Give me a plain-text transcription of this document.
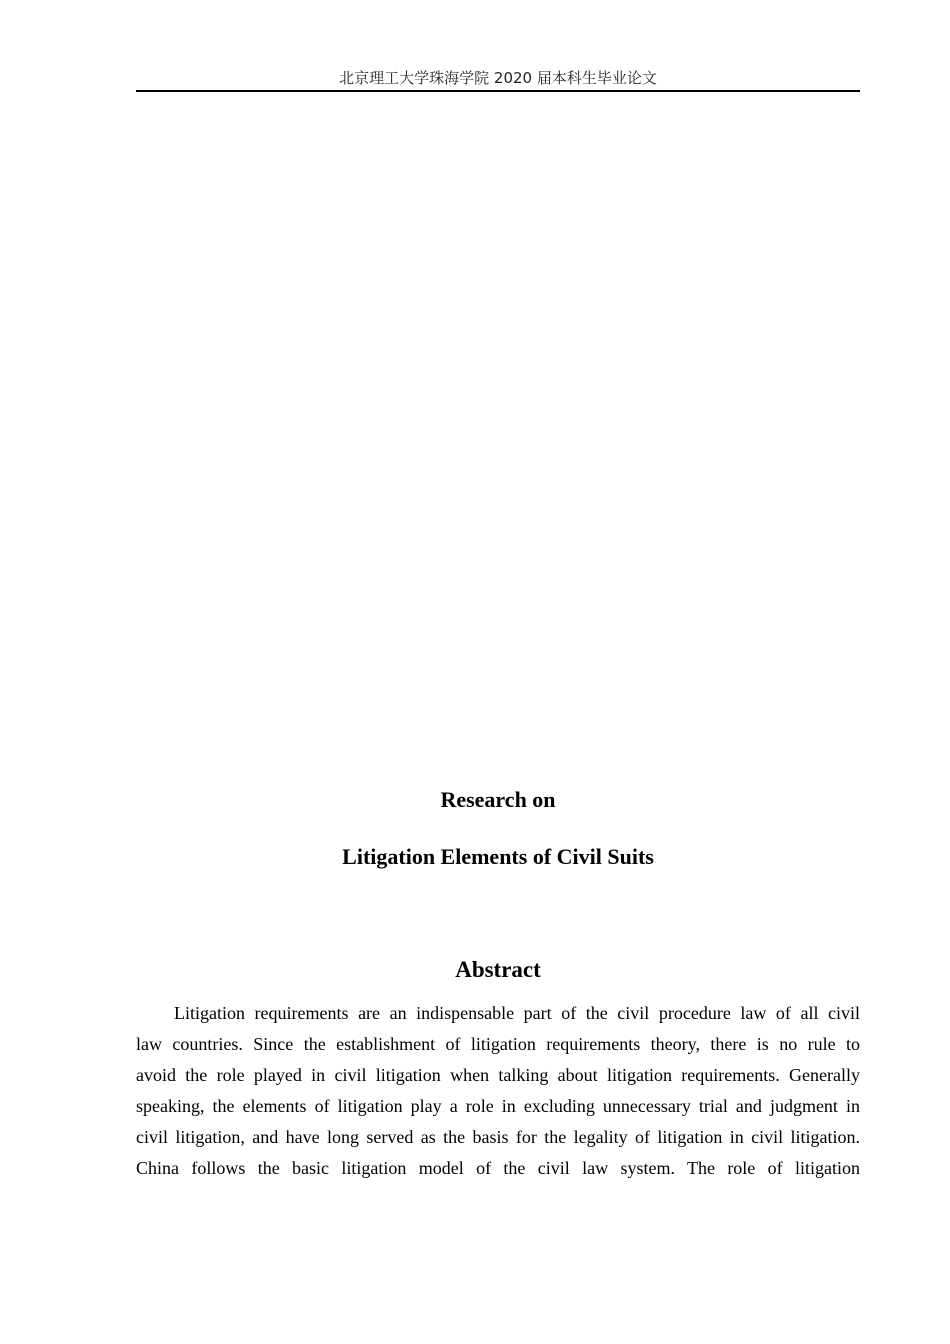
北京理工大学珠海学院 2020 届本科生毕业论文
Research on
Litigation Elements of Civil Suits
Abstract
Litigation requirements are an indispensable part of the civil procedure law of all civil
law countries. Since the establishment of litigation requirements theory, there is no rule to
avoid the role played in civil litigation when talking about litigation requirements. Generally
speaking, the elements of litigation play a role in excluding unnecessary trial and judgment in
civil litigation, and have long served as the basis for the legality of litigation in civil litigation.
China follows the basic litigation model of the civil law system. The role of litigation
